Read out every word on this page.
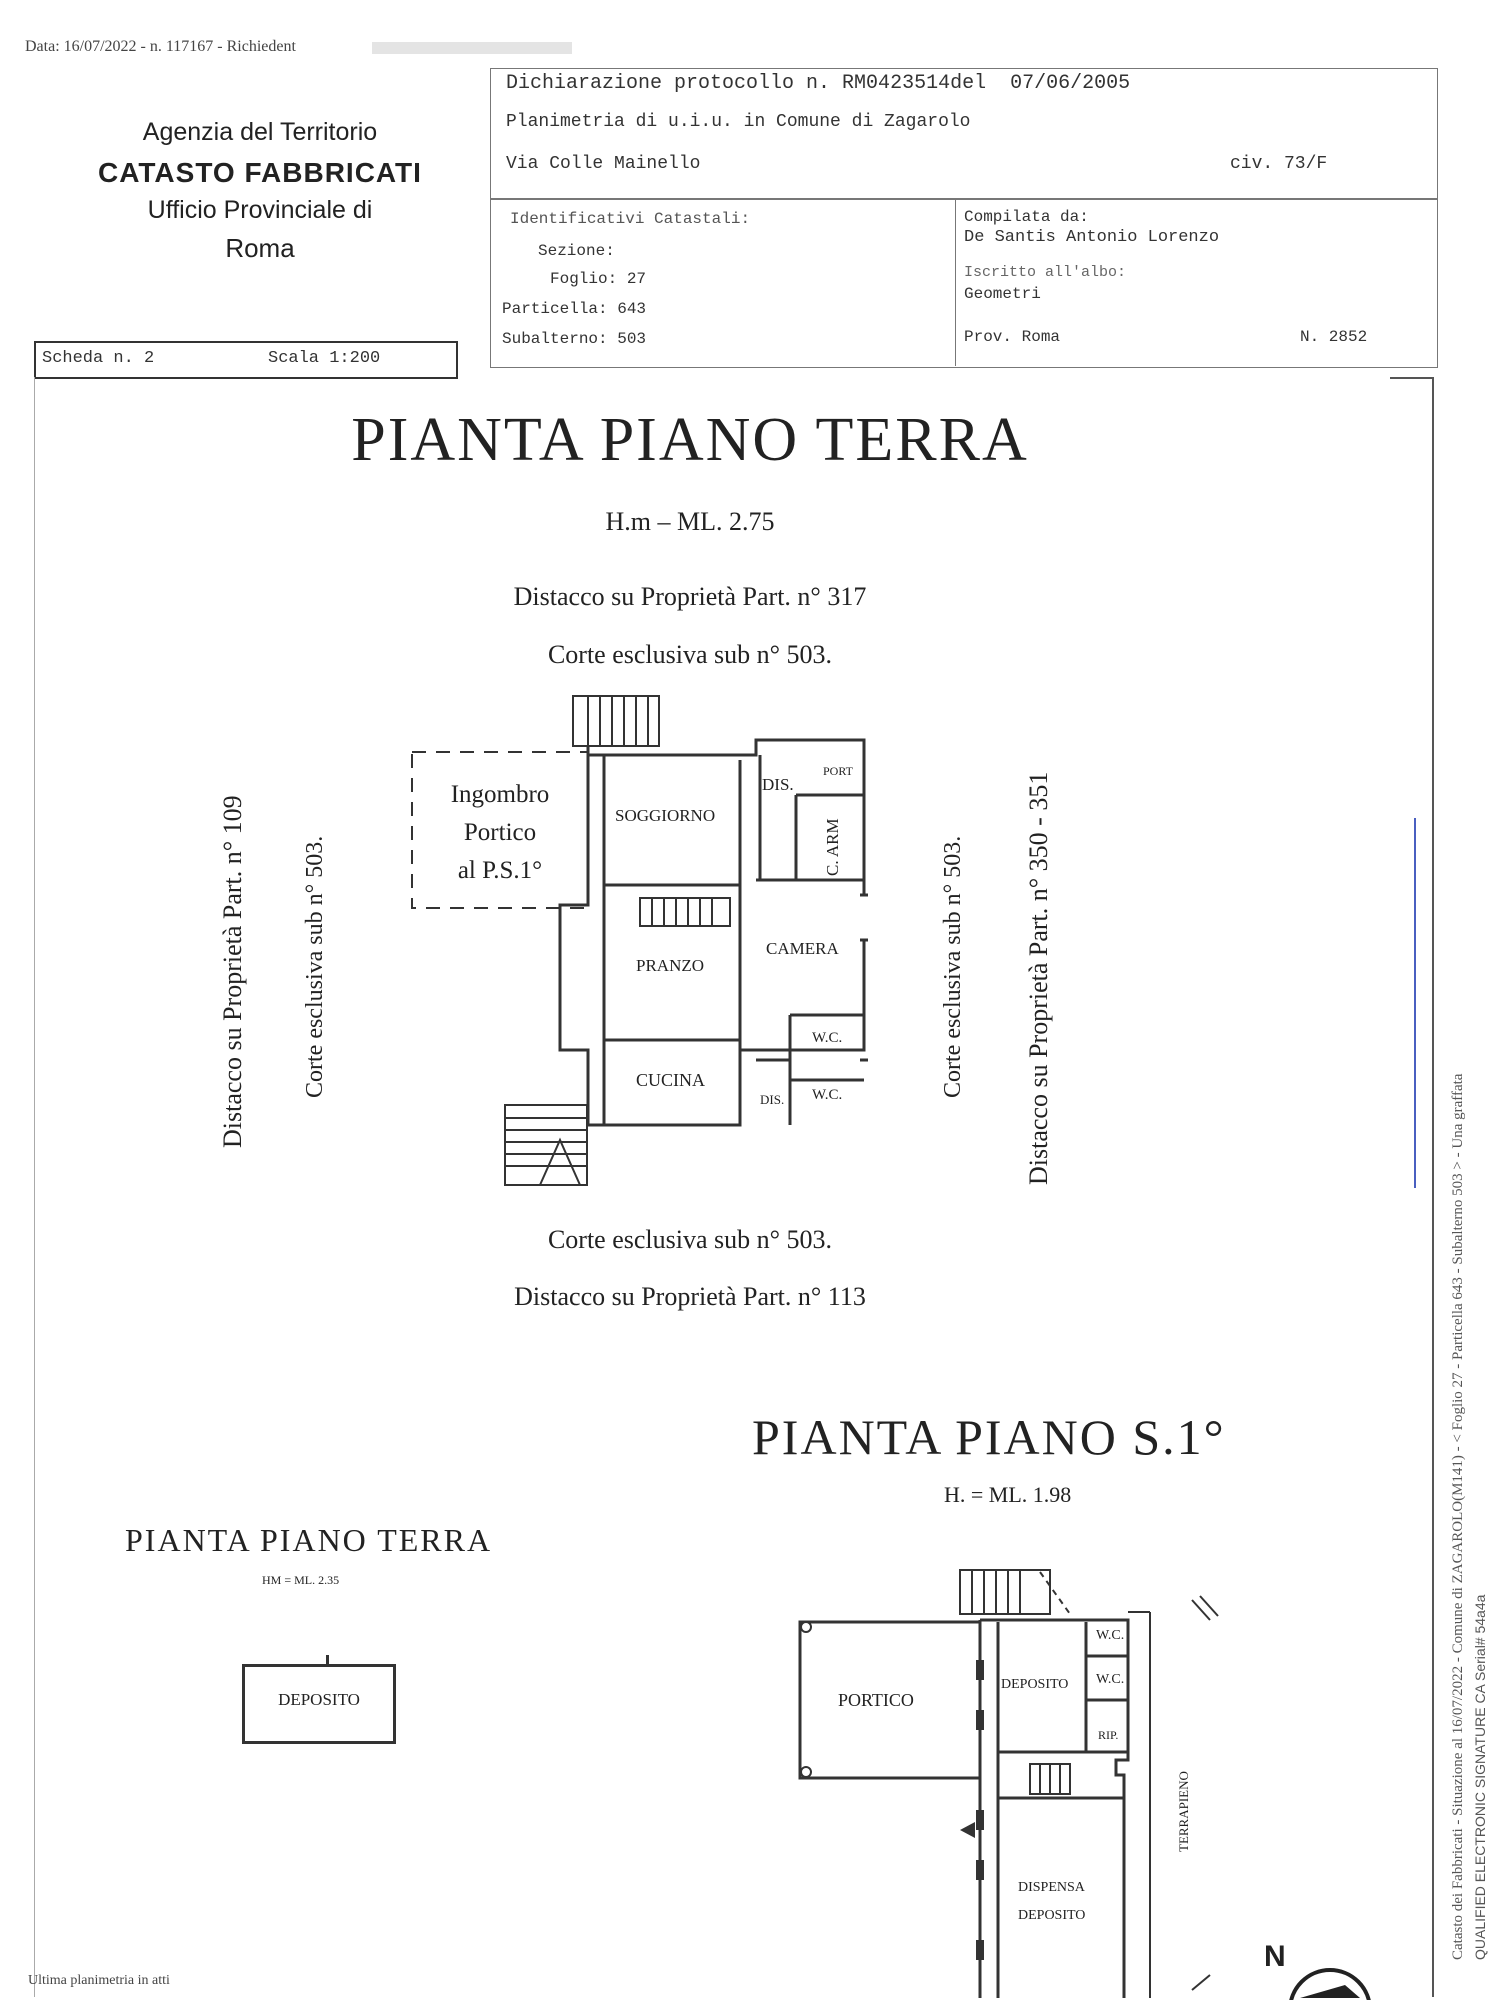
Data: 16/07/2022 - n. 117167 - Richiedent
Agenzia del Territorio
CATASTO FABBRICATI
Ufficio Provinciale di
Roma
Dichiarazione protocollo n. RM0423514del  07/06/2005
Planimetria di u.i.u. in Comune di Zagarolo
Via Colle Mainello	civ. 73/F
Identificativi Catastali:
Sezione:
Foglio: 27
Particella: 643
Subalterno: 503
Compilata da:
De Santis Antonio Lorenzo
Iscritto all'albo:
Geometri
Prov. Roma	N. 2852
Scheda n. 2	Scala 1:200
PIANTA PIANO TERRA
H.m – ML. 2.75
Distacco su Proprietà Part. n° 317
Corte esclusiva sub n° 503.
Corte esclusiva sub n° 503.
Distacco su Proprietà Part. n° 113
Distacco su Proprietà Part. n° 109 Corte esclusiva sub n° 503.	Corte esclusiva sub n° 503. Distacco su Proprietà Part. n° 350 - 351
Ingombro
Portico
al P.S.1°
SOGGIORNO
DIS.
PORT
C. ARM
PRANZO
CAMERA
W.C.
W.C.
CUCINA
DIS.
PIANTA PIANO S.1°
H. = ML. 1.98
PORTICO
DEPOSITO
W.C.
W.C.
RIP.
DISPENSA
DEPOSITO
TERRAPIENO
N
PIANTA PIANO TERRA
HM = ML. 2.35
DEPOSITO
Ultima planimetria in atti
Catasto dei Fabbricati - Situazione al 16/07/2022 - Comune di ZAGAROLO(M141) - < Foglio 27 - Particella 643 - Subalterno 503 > - Una graffata QUALIFIED ELECTRONIC SIGNATURE CA Serial# 54a4a
